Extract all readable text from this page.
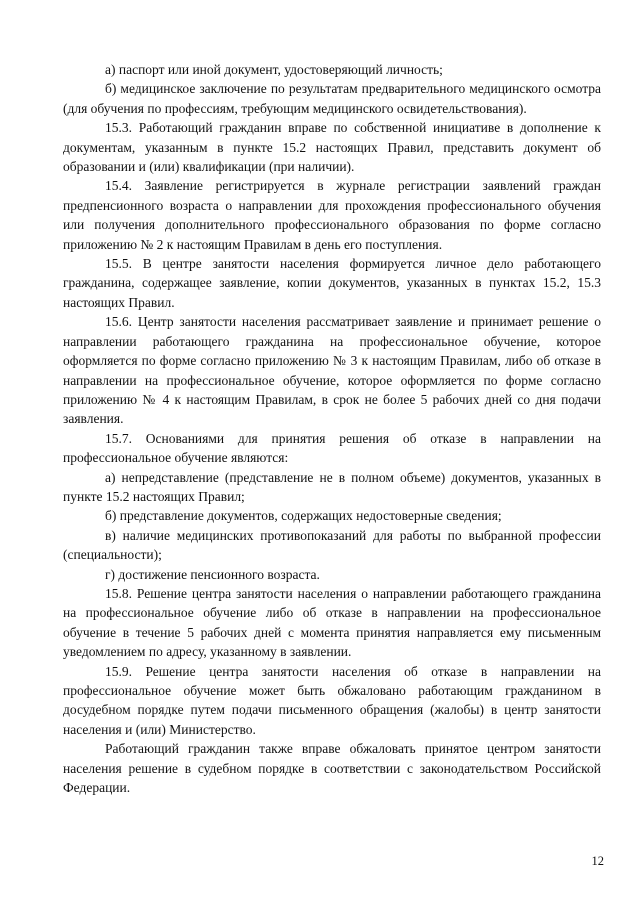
а) паспорт или иной документ, удостоверяющий личность;

б) медицинское заключение по результатам предварительного медицинского осмотра (для обучения по профессиям, требующим медицинского освидетельствования).

15.3. Работающий гражданин вправе по собственной инициативе в дополнение к документам, указанным в пункте 15.2 настоящих Правил, представить документ об образовании и (или) квалификации (при наличии).

15.4. Заявление регистрируется в журнале регистрации заявлений граждан предпенсионного возраста о направлении для прохождения профессионального обучения или получения дополнительного профессионального образования по форме согласно приложению № 2 к настоящим Правилам в день его поступления.

15.5. В центре занятости населения формируется личное дело работающего гражданина, содержащее заявление, копии документов, указанных в пунктах 15.2, 15.3 настоящих Правил.

15.6. Центр занятости населения рассматривает заявление и принимает решение о направлении работающего гражданина на профессиональное обучение, которое оформляется по форме согласно приложению № 3 к настоящим Правилам, либо об отказе в направлении на профессиональное обучение, которое оформляется по форме согласно приложению № 4 к настоящим Правилам, в срок не более 5 рабочих дней со дня подачи заявления.

15.7. Основаниями для принятия решения об отказе в направлении на профессиональное обучение являются:

а) непредставление (представление не в полном объеме) документов, указанных в пункте 15.2 настоящих Правил;

б) представление документов, содержащих недостоверные сведения;

в) наличие медицинских противопоказаний для работы по выбранной профессии (специальности);

г) достижение пенсионного возраста.

15.8. Решение центра занятости населения о направлении работающего гражданина на профессиональное обучение либо об отказе в направлении на профессиональное обучение в течение 5 рабочих дней с момента принятия направляется ему письменным уведомлением по адресу, указанному в заявлении.

15.9. Решение центра занятости населения об отказе в направлении на профессиональное обучение может быть обжаловано работающим гражданином в досудебном порядке путем подачи письменного обращения (жалобы) в центр занятости населения и (или) Министерство.

Работающий гражданин также вправе обжаловать принятое центром занятости населения решение в судебном порядке в соответствии с законодательством Российской Федерации.

12
